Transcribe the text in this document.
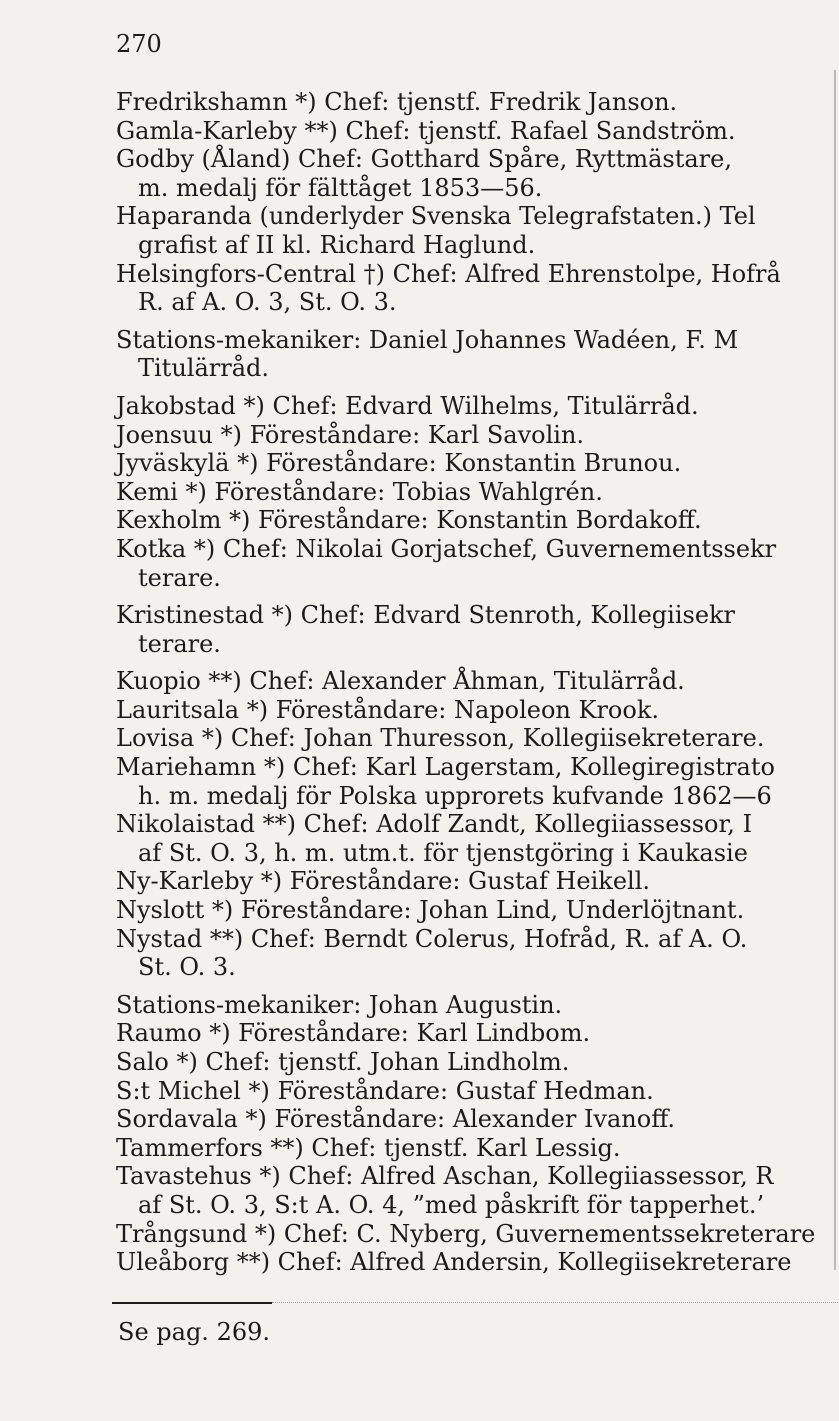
270
Fredrikshamn *) Chef: tjenstf. Fredrik Janson.
Gamla-Karleby **) Chef: tjenstf. Rafael Sandström.
Godby (Åland) Chef: Gotthard Spåre, Ryttmästare,
m. medalj för fälttåget 1853—56.
Haparanda (underlyder Svenska Telegrafstaten.) Tel
grafist af II kl. Richard Haglund.
Helsingfors-Central †) Chef: Alfred Ehrenstolpe, Hofrå
R. af A. O. 3, St. O. 3.
Stations-mekaniker: Daniel Johannes Wadéen, F. M
Titulärråd.
Jakobstad *) Chef: Edvard Wilhelms, Titulärråd.
Joensuu *) Föreståndare: Karl Savolin.
Jyväskylä *) Föreståndare: Konstantin Brunou.
Kemi *) Föreståndare: Tobias Wahlgrén.
Kexholm *) Föreståndare: Konstantin Bordakoff.
Kotka *) Chef: Nikolai Gorjatschef, Guvernementssekr
terare.
Kristinestad *) Chef: Edvard Stenroth, Kollegiisekr
terare.
Kuopio **) Chef: Alexander Åhman, Titulärråd.
Lauritsala *) Föreståndare: Napoleon Krook.
Lovisa *) Chef: Johan Thuresson, Kollegiisekreterare.
Mariehamn *) Chef: Karl Lagerstam, Kollegiregistrato
h. m. medalj för Polska upprorets kufvande 1862—6
Nikolaistad **) Chef: Adolf Zandt, Kollegiiassessor, I
af St. O. 3, h. m. utm.t. för tjenstgöring i Kaukasie
Ny-Karleby *) Föreståndare: Gustaf Heikell.
Nyslott *) Föreståndare: Johan Lind, Underlöjtnant.
Nystad **) Chef: Berndt Colerus, Hofråd, R. af A. O.
St. O. 3.
Stations-mekaniker: Johan Augustin.
Raumo *) Föreståndare: Karl Lindbom.
Salo *) Chef: tjenstf. Johan Lindholm.
S:t Michel *) Föreståndare: Gustaf Hedman.
Sordavala *) Föreståndare: Alexander Ivanoff.
Tammerfors **) Chef: tjenstf. Karl Lessig.
Tavastehus *) Chef: Alfred Aschan, Kollegiiassessor, R
af St. O. 3, S:t A. O. 4, ”med påskrift för tapperhet.’
Trångsund *) Chef: C. Nyberg, Guvernementssekreterare
Uleåborg **) Chef: Alfred Andersin, Kollegiisekreterare
Se pag. 269.
